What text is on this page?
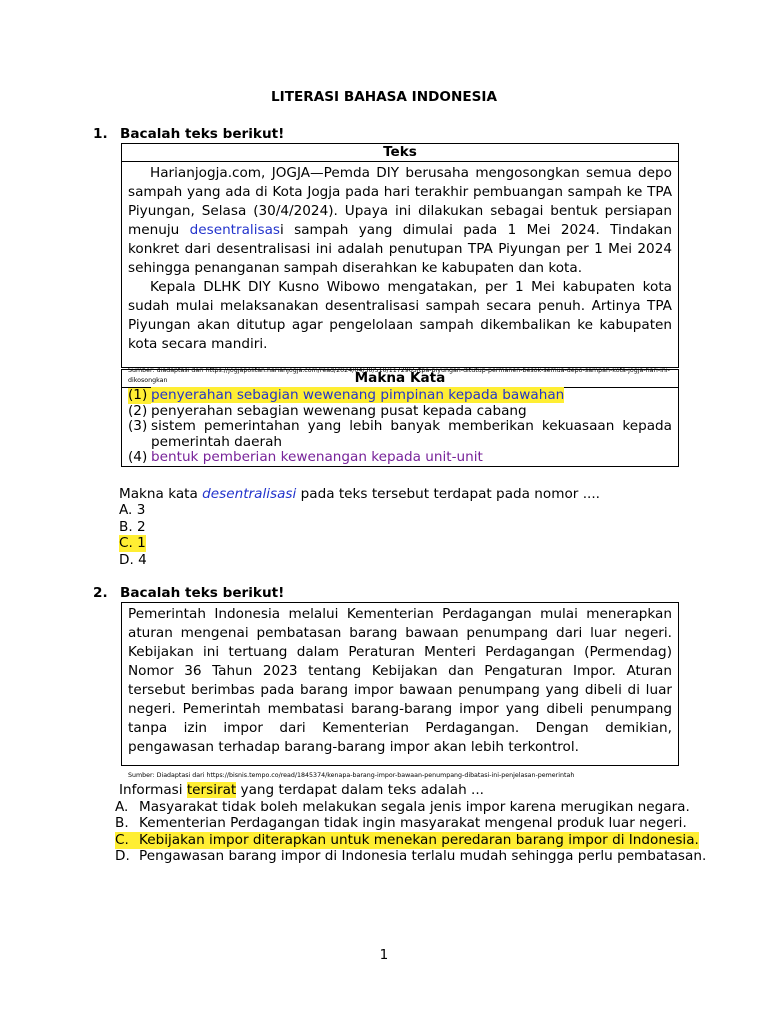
LITERASI BAHASA INDONESIA
1. Bacalah teks berikut!
Teks

Harianjogja.com, JOGJA—Pemda DIY berusaha mengosongkan semua depo sampah yang ada di Kota Jogja pada hari terakhir pembuangan sampah ke TPA Piyungan, Selasa (30/4/2024). Upaya ini dilakukan sebagai bentuk persiapan menuju desentralisasi sampah yang dimulai pada 1 Mei 2024. Tindakan konkret dari desentralisasi ini adalah penutupan TPA Piyungan per 1 Mei 2024 sehingga penanganan sampah diserahkan ke kabupaten dan kota.

Kepala DLHK DIY Kusno Wibowo mengatakan, per 1 Mei kabupaten kota sudah mulai melaksanakan desentralisasi sampah secara penuh. Artinya TPA Piyungan akan ditutup agar pengelolaan sampah dikembalikan ke kabupaten kota secara mandiri.

Sumber: diadaptasi dari https://jogjapolitan.harianjogja.com/read/2024/04/30/510/1172965/tpa-piyungan-ditutup-permanen-besok-semua-depo-sampah-kota-jogja-hari-ini-dikosongkan	Makna Kata
(1) penyerahan sebagian wewenang pimpinan kepada bawahan
(2) penyerahan sebagian wewenang pusat kepada cabang
(3) sistem pemerintahan yang lebih banyak memberikan kekuasaan kepada pemerintah daerah
(4) bentuk pemberian kewenangan kepada unit-unit
Makna kata desentralisasi pada teks tersebut terdapat pada nomor ....
A. 3
B. 2
C. 1
D. 4
2. Bacalah teks berikut!

Pemerintah Indonesia melalui Kementerian Perdagangan mulai menerapkan aturan mengenai pembatasan barang bawaan penumpang dari luar negeri. Kebijakan ini tertuang dalam Peraturan Menteri Perdagangan (Permendag) Nomor 36 Tahun 2023 tentang Kebijakan dan Pengaturan Impor. Aturan tersebut berimbas pada barang impor bawaan penumpang yang dibeli di luar negeri. Pemerintah membatasi barang-barang impor yang dibeli penumpang tanpa izin impor dari Kementerian Perdagangan. Dengan demikian, pengawasan terhadap barang-barang impor akan lebih terkontrol.

Sumber: Diadaptasi dari https://bisnis.tempo.co/read/1845374/kenapa-barang-impor-bawaan-penumpang-dibatasi-ini-penjelasan-pemerintah
Informasi tersirat yang terdapat dalam teks adalah ...
A. Masyarakat tidak boleh melakukan segala jenis impor karena merugikan negara.
B. Kementerian Perdagangan tidak ingin masyarakat mengenal produk luar negeri.
C. Kebijakan impor diterapkan untuk menekan peredaran barang impor di Indonesia.
D. Pengawasan barang impor di Indonesia terlalu mudah sehingga perlu pembatasan.
1
